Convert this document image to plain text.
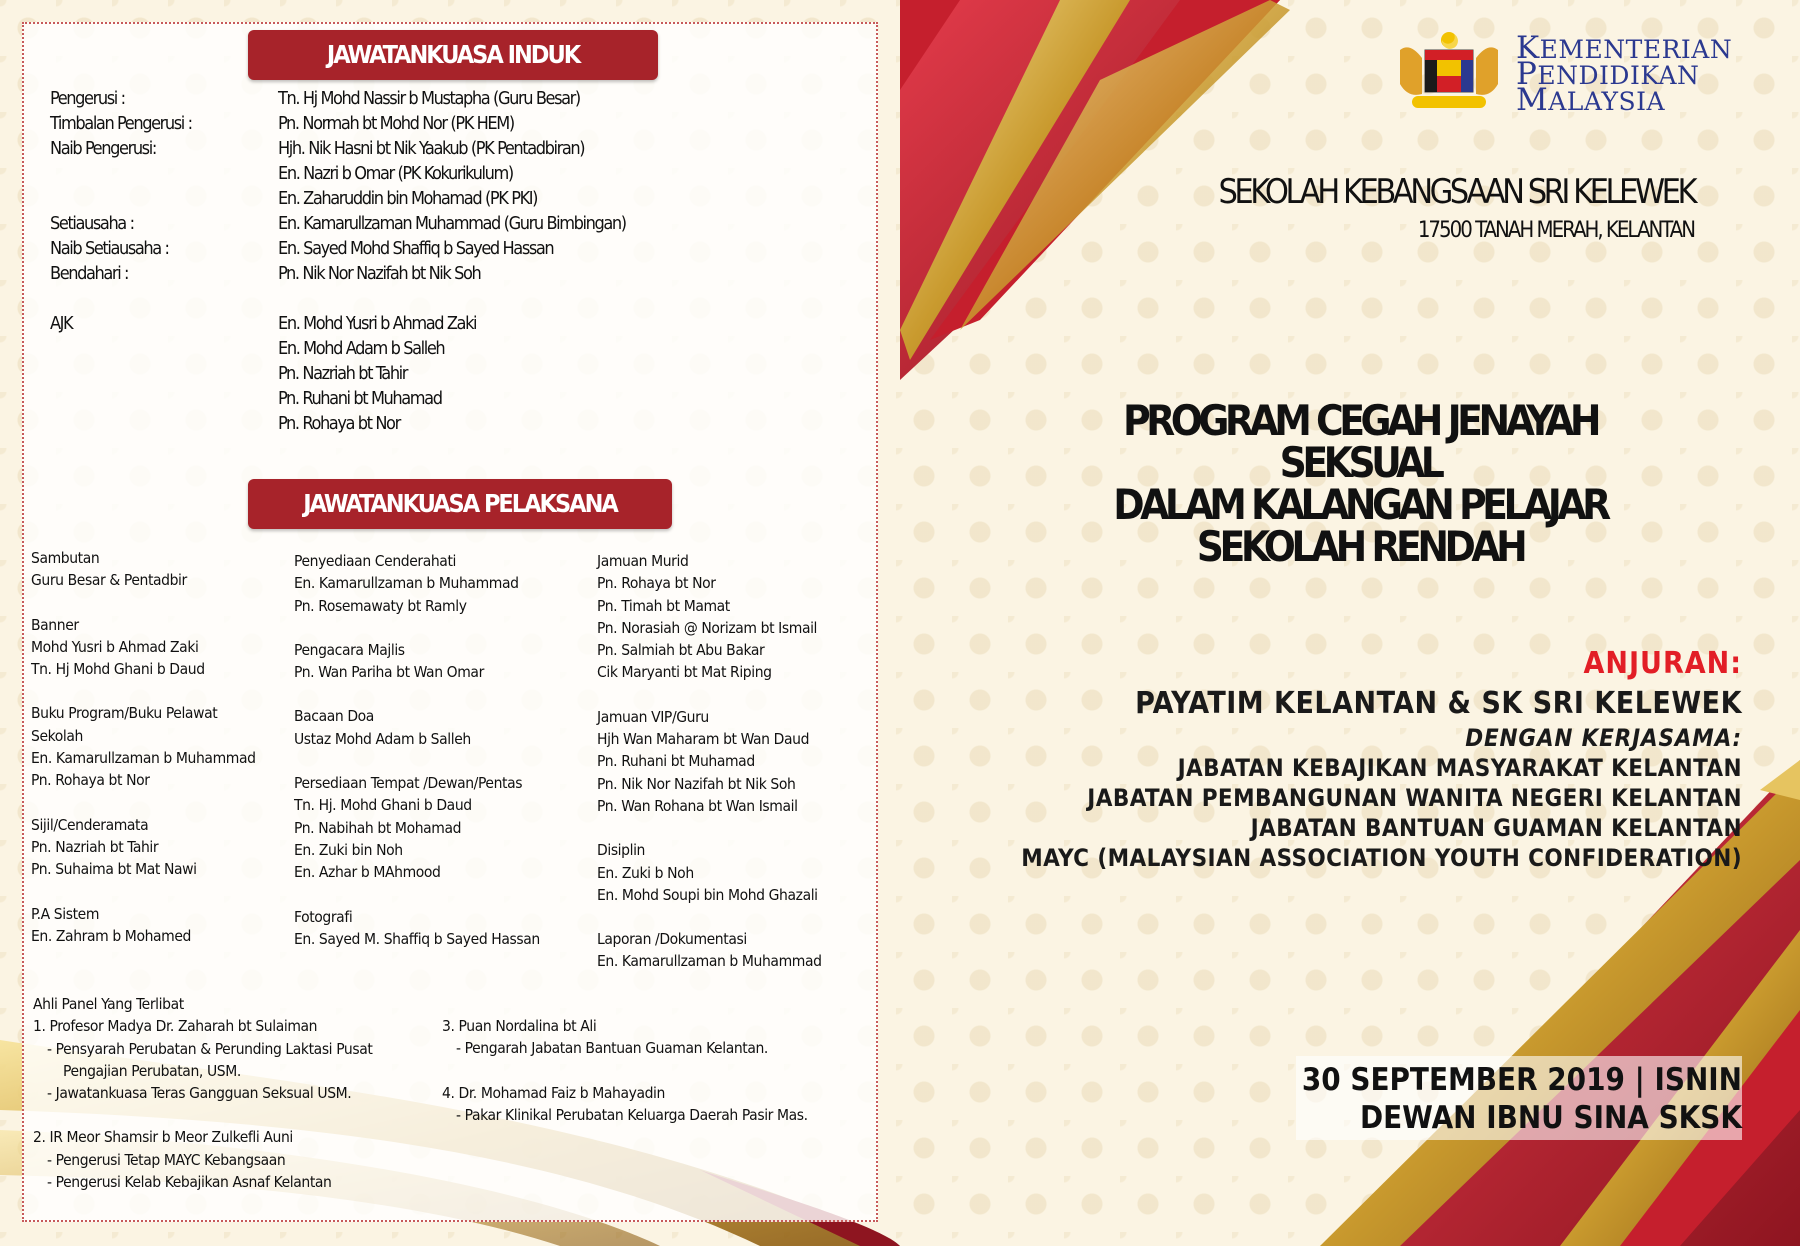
JAWATANKUASA INDUK
Pengerusi :
Timbalan Pengerusi :
Naib Pengerusi:
Setiausaha :
Naib Setiausaha :
Bendahari :
AJK
Tn. Hj Mohd Nassir b Mustapha (Guru Besar)
Pn. Normah bt Mohd Nor (PK HEM)
Hjh. Nik Hasni bt Nik Yaakub (PK Pentadbiran)
En. Nazri b Omar (PK Kokurikulum)
En. Zaharuddin bin Mohamad (PK PKI)
En. Kamarullzaman Muhammad (Guru Bimbingan)
En. Sayed Mohd Shaffiq b Sayed Hassan
Pn. Nik Nor Nazifah bt Nik Soh
En. Mohd Yusri b Ahmad Zaki
En. Mohd Adam b Salleh
Pn. Nazriah bt Tahir
Pn. Ruhani bt Muhamad
Pn. Rohaya bt Nor
JAWATANKUASA PELAKSANA
Sambutan
Guru Besar & Pentadbir
Banner
Mohd Yusri b Ahmad Zaki
Tn. Hj Mohd Ghani b Daud
Buku Program/Buku Pelawat
Sekolah
En. Kamarullzaman b Muhammad
Pn. Rohaya bt Nor
Sijil/Cenderamata
Pn. Nazriah bt Tahir
Pn. Suhaima bt Mat Nawi
P.A Sistem
En. Zahram b Mohamed
Penyediaan Cenderahati
En. Kamarullzaman b Muhammad
Pn. Rosemawaty bt Ramly
Pengacara Majlis
Pn. Wan Pariha bt Wan Omar
Bacaan Doa
Ustaz Mohd Adam b Salleh
Persediaan Tempat /Dewan/Pentas
Tn. Hj. Mohd Ghani b Daud
Pn. Nabihah bt Mohamad
En. Zuki bin Noh
En. Azhar b MAhmood
Fotografi
En. Sayed M. Shaffiq b Sayed Hassan
Jamuan Murid
Pn. Rohaya bt Nor
Pn. Timah bt Mamat
Pn. Norasiah @ Norizam bt Ismail
Pn. Salmiah bt Abu Bakar
Cik Maryanti bt Mat Riping
Jamuan VIP/Guru
Hjh Wan Maharam bt Wan Daud
Pn. Ruhani bt Muhamad
Pn. Nik Nor Nazifah bt Nik Soh
Pn. Wan Rohana bt Wan Ismail
Disiplin
En. Zuki b Noh
En. Mohd Soupi bin Mohd Ghazali
Laporan /Dokumentasi
En. Kamarullzaman b Muhammad
Ahli Panel Yang Terlibat
1. Profesor Madya Dr. Zaharah bt Sulaiman
- Pensyarah Perubatan & Perunding Laktasi Pusat
Pengajian Perubatan, USM.
- Jawatankuasa Teras Gangguan Seksual USM.
2. IR Meor Shamsir b Meor Zulkefli Auni
- Pengerusi Tetap MAYC Kebangsaan
- Pengerusi Kelab Kebajikan Asnaf Kelantan
3. Puan Nordalina bt Ali
- Pengarah Jabatan Bantuan Guaman Kelantan.
4. Dr. Mohamad Faiz b Mahayadin
- Pakar Klinikal Perubatan Keluarga Daerah Pasir Mas.
KEMENTERIAN
PENDIDIKAN
MALAYSIA
SEKOLAH KEBANGSAAN SRI KELEWEK
17500 TANAH MERAH, KELANTAN
PROGRAM CEGAH JENAYAH SEKSUAL
DALAM KALANGAN PELAJAR
SEKOLAH RENDAH
ANJURAN:
PAYATIM KELANTAN & SK SRI KELEWEK
DENGAN KERJASAMA:
JABATAN KEBAJIKAN MASYARAKAT KELANTAN
JABATAN PEMBANGUNAN WANITA NEGERI KELANTAN
JABATAN BANTUAN GUAMAN KELANTAN
MAYC (MALAYSIAN ASSOCIATION YOUTH CONFIDERATION)
30 SEPTEMBER 2019 | ISNIN
DEWAN IBNU SINA SKSK
